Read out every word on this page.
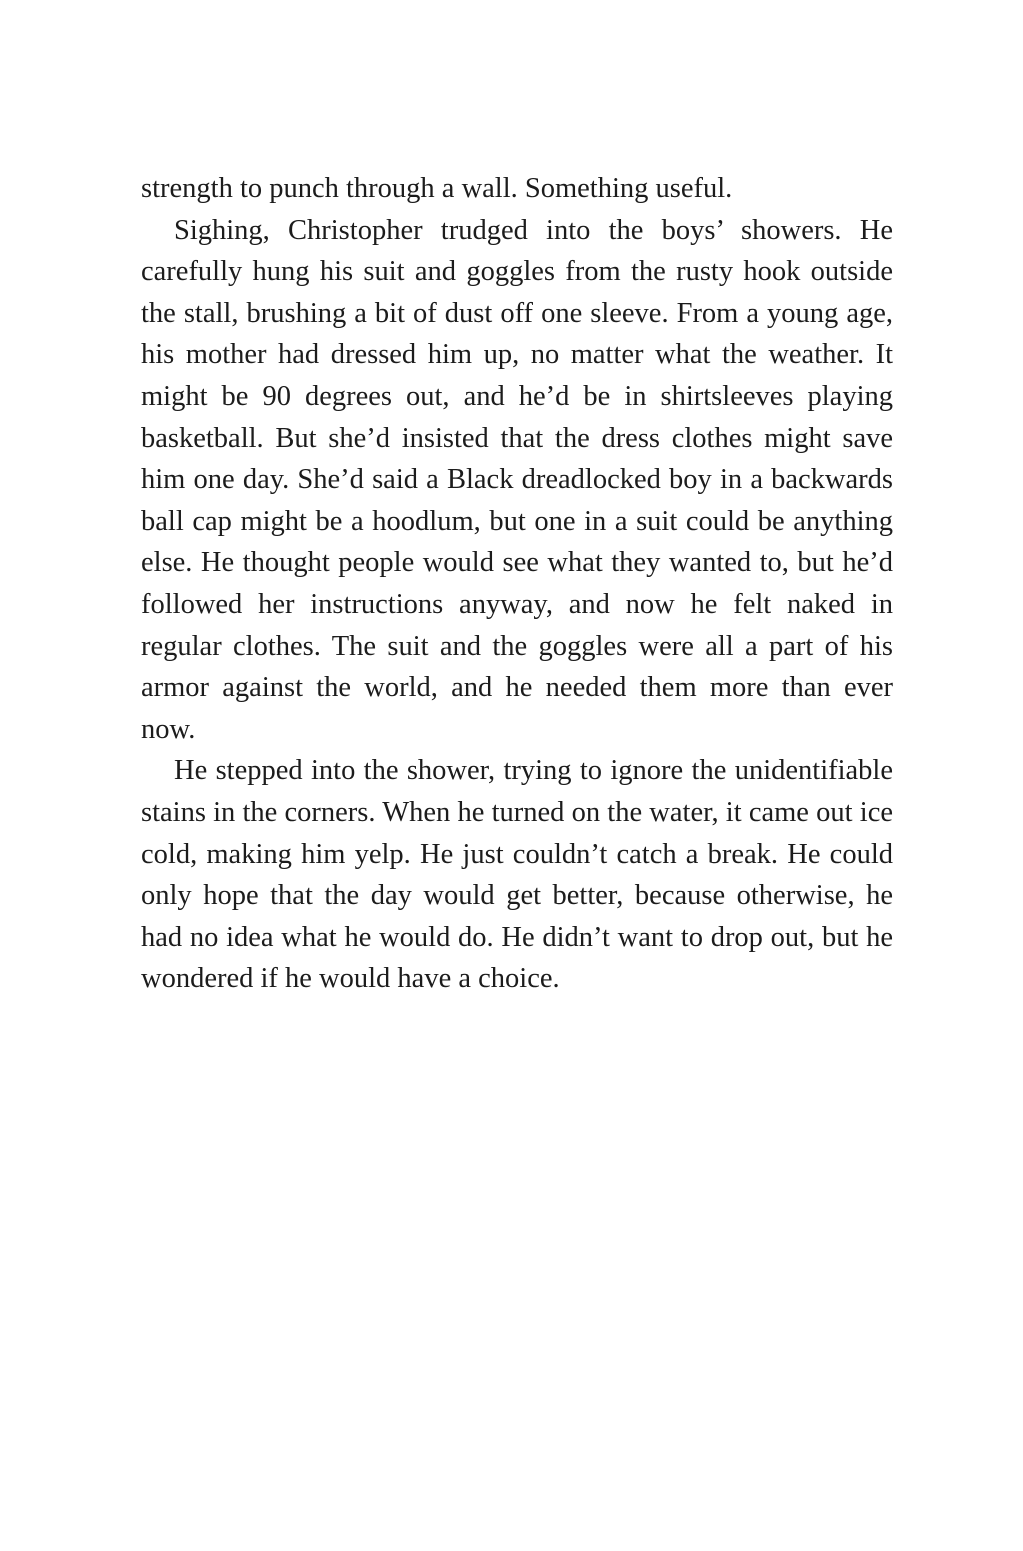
strength to punch through a wall. Something useful.

Sighing, Christopher trudged into the boys’ showers. He carefully hung his suit and goggles from the rusty hook outside the stall, brushing a bit of dust off one sleeve. From a young age, his mother had dressed him up, no matter what the weather. It might be 90 degrees out, and he’d be in shirtsleeves playing basketball. But she’d insisted that the dress clothes might save him one day. She’d said a Black dreadlocked boy in a backwards ball cap might be a hoodlum, but one in a suit could be anything else. He thought people would see what they wanted to, but he’d followed her instructions anyway, and now he felt naked in regular clothes. The suit and the goggles were all a part of his armor against the world, and he needed them more than ever now.

He stepped into the shower, trying to ignore the unidentifiable stains in the corners. When he turned on the water, it came out ice cold, making him yelp. He just couldn’t catch a break. He could only hope that the day would get better, because otherwise, he had no idea what he would do. He didn’t want to drop out, but he wondered if he would have a choice.
